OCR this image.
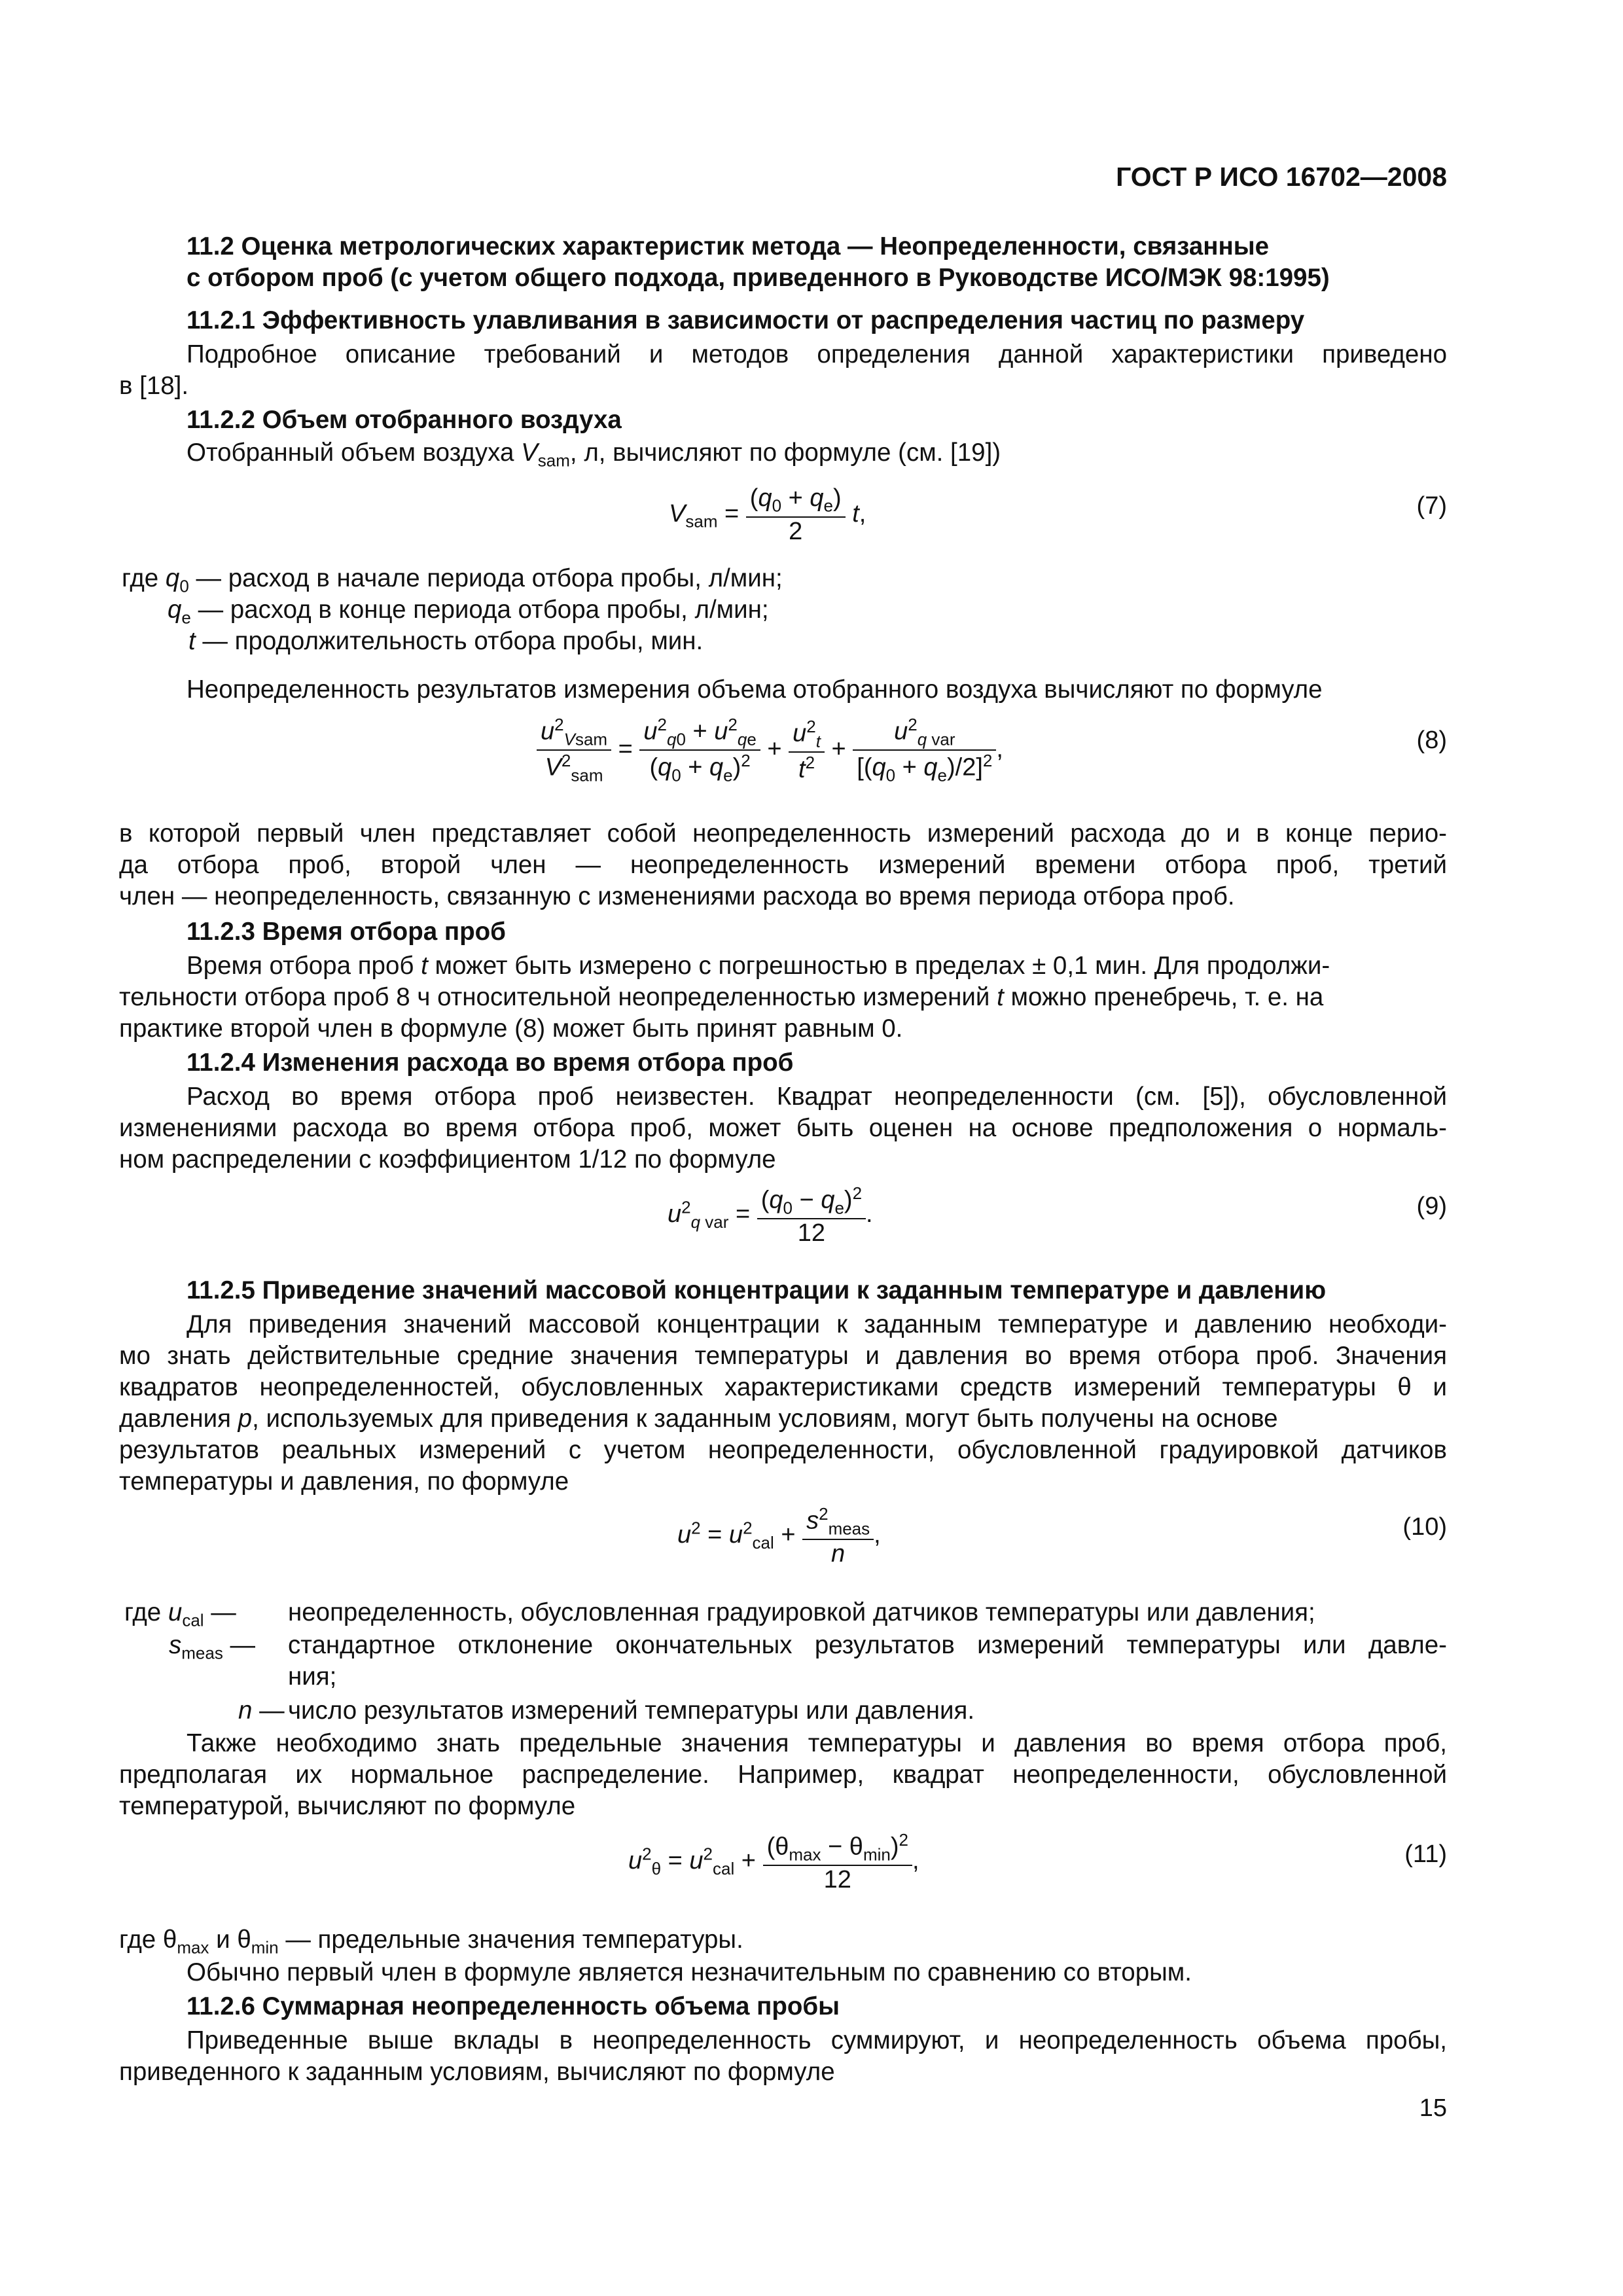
ГОСТ Р ИСО 16702—2008
11.2 Оценка метрологических характеристик метода — Неопределенности, связанные
с отбором проб (с учетом общего подхода, приведенного в Руководстве ИСО/МЭК 98:1995)
11.2.1 Эффективность улавливания в зависимости от распределения частиц по размеру
Подробное описание требований и методов определения данной характеристики приведено
в [18].
11.2.2 Объем отобранного воздуха
Отобранный объем воздуха $V_{sam}$, л, вычисляют по формуле (см. [19])
$V_{sam} = \frac{(q_0 + q_e)}{2} t$,	(7)
где $q_0$ — расход в начале периода отбора пробы, л/мин;
$q_e$ — расход в конце периода отбора пробы, л/мин;
t — продолжительность отбора пробы, мин.
Неопределенность результатов измерения объема отобранного воздуха вычисляют по формуле
$\frac{u^2_{Vsam}}{V^2_{sam}} = \frac{u^2_{q0} + u^2_{qe}}{(q_0 + q_e)^2} + \frac{u^2_t}{t^2} + \frac{u^2_{q var}}{[(q_0 + q_e)/2]^2}$ ,	(8)
в которой первый член представляет собой неопределенность измерений расхода до и в конце перио-
да отбора проб, второй член — неопределенность измерений времени отбора проб, третий
член — неопределенность, связанную с изменениями расхода во время периода отбора проб.
11.2.3 Время отбора проб
Время отбора проб t может быть измерено с погрешностью в пределах ± 0,1 мин. Для продолжи-
тельности отбора проб 8 ч относительной неопределенностью измерений t можно пренебречь, т. е. на
практике второй член в формуле (8) может быть принят равным 0.
11.2.4 Изменения расхода во время отбора проб
Расход во время отбора проб неизвестен. Квадрат неопределенности (см. [5]), обусловленной
изменениями расхода во время отбора проб, может быть оценен на основе предположения о нормаль-
ном распределении с коэффициентом 1/12 по формуле
$u^2_{q var} = \frac{(q_0 - q_e)^2}{12}$ .	(9)
11.2.5 Приведение значений массовой концентрации к заданным температуре и давлению
Для приведения значений массовой концентрации к заданным температуре и давлению необходи-
мо знать действительные средние значения температуры и давления во время отбора проб. Значения
квадратов неопределенностей, обусловленных характеристиками средств измерений температуры θ и
давления p, используемых для приведения к заданным условиям, могут быть получены на основе
результатов реальных измерений с учетом неопределенности, обусловленной градуировкой датчиков
температуры и давления, по формуле
$u^2 = u^2_{cal} + \frac{s^2_{meas}}{n}$ ,	(10)
где $u_{cal}$ — неопределенность, обусловленная градуировкой датчиков температуры или давления;
$s_{meas}$ — стандартное отклонение окончательных результатов измерений температуры или давле-
ния;
n — число результатов измерений температуры или давления.
Также необходимо знать предельные значения температуры и давления во время отбора проб,
предполагая их нормальное распределение. Например, квадрат неопределенности, обусловленной
температурой, вычисляют по формуле
$u^2_\theta = u^2_{cal} + \frac{(\theta_{max} - \theta_{min})^2}{12}$ ,	(11)
где $\theta_{max}$ и $\theta_{min}$ — предельные значения температуры.
Обычно первый член в формуле является незначительным по сравнению со вторым.
11.2.6 Суммарная неопределенность объема пробы
Приведенные выше вклады в неопределенность суммируют, и неопределенность объема пробы,
приведенного к заданным условиям, вычисляют по формуле
15
